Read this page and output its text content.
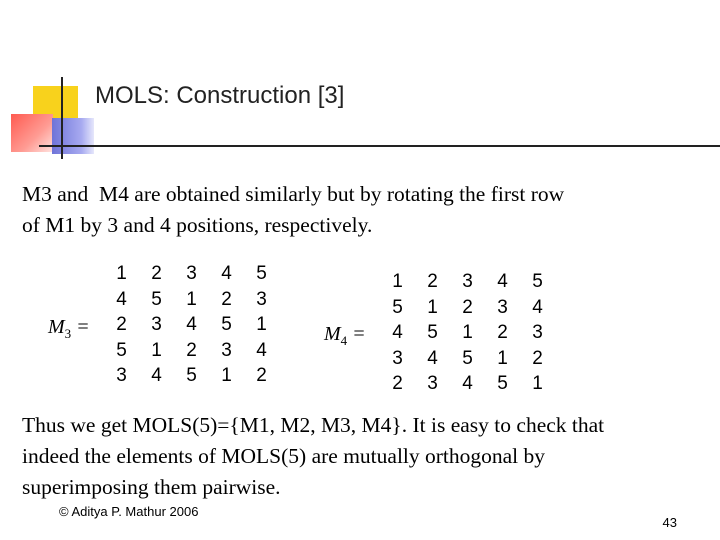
MOLS: Construction [3]
M3 and  M4 are obtained similarly but by rotating the first row
of M1 by 3 and 4 positions, respectively.
$M_3$ =
1	2	3	4	5
4	5	1	2	3
2	3	4	5	1
5	1	2	3	4
3	4	5	1	2
$M_4$ =
1	2	3	4	5
5	1	2	3	4
4	5	1	2	3
3	4	5	1	2
2	3	4	5	1
Thus we get MOLS(5)={M1, M2, M3, M4}. It is easy to check that
indeed the elements of MOLS(5) are mutually orthogonal by
superimposing them pairwise.
© Aditya P. Mathur 2006
43
